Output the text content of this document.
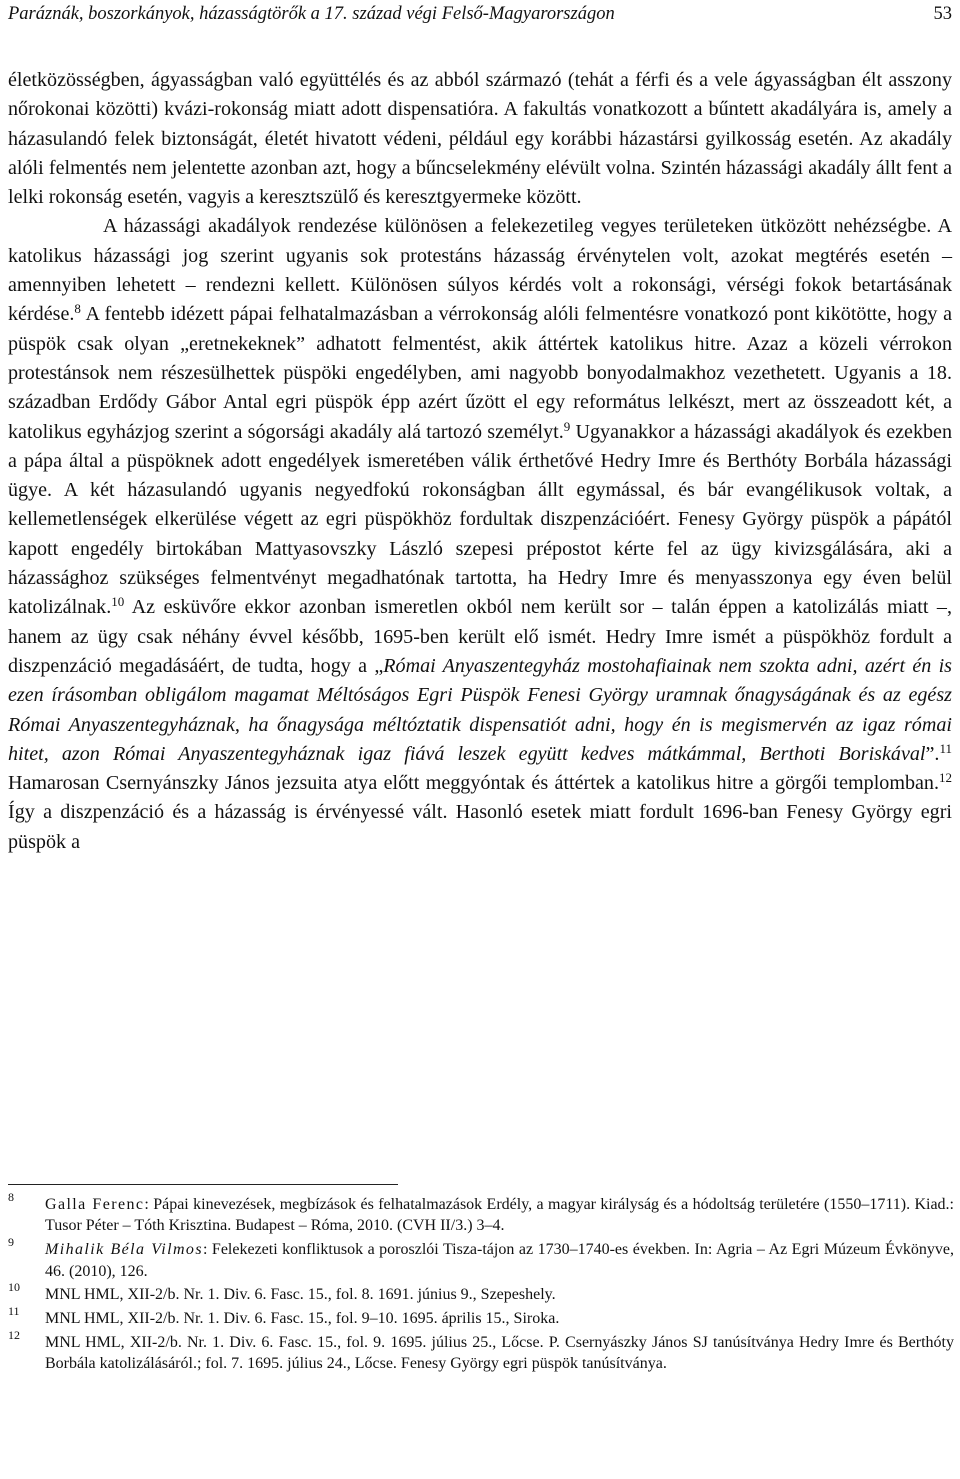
Paráznák, boszorkányok, házasságtörők a 17. század végi Felső-Magyarországon	53

életközösségben, ágyasságban való együttélés és az abból származó (tehát a férfi és a vele ágyasságban élt asszony nőrokonai közötti) kvázi-rokonság miatt adott dispensatióra. A fakultás vonatkozott a bűntett akadályára is, amely a házasulandó felek biztonságát, életét hivatott védeni, például egy korábbi házastársi gyilkosság esetén. Az akadály alóli felmentés nem jelentette azonban azt, hogy a bűncselekmény elévült volna. Szintén házassági akadály állt fent a lelki rokonság esetén, vagyis a keresztszülő és keresztgyermeke között.

A házassági akadályok rendezése különösen a felekezetileg vegyes területeken ütközött nehézségbe. A katolikus házassági jog szerint ugyanis sok protestáns házasság érvénytelen volt, azokat megtérés esetén – amennyiben lehetett – rendezni kellett. Különösen súlyos kérdés volt a rokonsági, vérségi fokok betartásának kérdése.$^8$ A fentebb idézett pápai felhatalmazásban a vérrokonság alóli felmentésre vonatkozó pont kikötötte, hogy a püspök csak olyan „eretnekeknek” adhatott felmentést, akik áttértek katolikus hitre. Azaz a közeli vérrokon protestánsok nem részesülhettek püspöki engedélyben, ami nagyobb bonyodalmakhoz vezethetett. Ugyanis a 18. században Erdődy Gábor Antal egri püspök épp azért űzött el egy református lelkészt, mert az összeadott két, a katolikus egyházjog szerint a sógorsági akadály alá tartozó személyt.$^9$ Ugyanakkor a házassági akadályok és ezekben a pápa által a püspöknek adott engedélyek ismeretében válik érthetővé Hedry Imre és Berthóty Borbála házassági ügye. A két házasulandó ugyanis negyedfokú rokonságban állt egymással, és bár evangélikusok voltak, a kellemetlenségek elkerülése végett az egri püspökhöz fordultak diszpenzációért. Fenesy György püspök a pápától kapott engedély birtokában Mattyasovszky László szepesi prépostot kérte fel az ügy kivizsgálására, aki a házassághoz szükséges felmentvényt megadhatónak tartotta, ha Hedry Imre és menyasszonya egy éven belül katolizálnak.$^{10}$ Az esküvőre ekkor azonban ismeretlen okból nem került sor – talán éppen a katolizálás miatt –, hanem az ügy csak néhány évvel később, 1695-ben került elő ismét. Hedry Imre ismét a püspökhöz fordult a diszpenzáció megadásáért, de tudta, hogy a „Római Anyaszentegyház mostohafiainak nem szokta adni, azért én is ezen írásomban obligálom magamat Méltóságos Egri Püspök Fenesi György uramnak őnagyságának és az egész Római Anyaszentegyháznak, ha őnagysága méltóztatik dispensatiót adni, hogy én is megismervén az igaz római hitet, azon Római Anyaszentegyháznak igaz fiává leszek együtt kedves mátkámmal, Berthoti Boriskával”.$^{11}$ Hamarosan Csernyánszky János jezsuita atya előtt meggyóntak és áttértek a katolikus hitre a görgői templomban.$^{12}$ Így a diszpenzáció és a házasság is érvényessé vált. Hasonló esetek miatt fordult 1696-ban Fenesy György egri püspök a

8 Galla Ferenc: Pápai kinevezések, megbízások és felhatalmazások Erdély, a magyar királyság és a hódoltság területére (1550–1711). Kiad.: Tusor Péter – Tóth Krisztina. Budapest – Róma, 2010. (CVH II/3.) 3–4.
9 Mihalik Béla Vilmos: Felekezeti konfliktusok a poroszlói Tisza-tájon az 1730–1740-es években. In: Agria – Az Egri Múzeum Évkönyve, 46. (2010), 126.
10 MNL HML, XII-2/b. Nr. 1. Div. 6. Fasc. 15., fol. 8. 1691. június 9., Szepeshely.
11 MNL HML, XII-2/b. Nr. 1. Div. 6. Fasc. 15., fol. 9–10. 1695. április 15., Siroka.
12 MNL HML, XII-2/b. Nr. 1. Div. 6. Fasc. 15., fol. 9. 1695. július 25., Lőcse. P. Csernyászky János SJ tanúsítványa Hedry Imre és Berthóty Borbála katolizálásáról.; fol. 7. 1695. július 24., Lőcse. Fenesy György egri püspök tanúsítványa.
